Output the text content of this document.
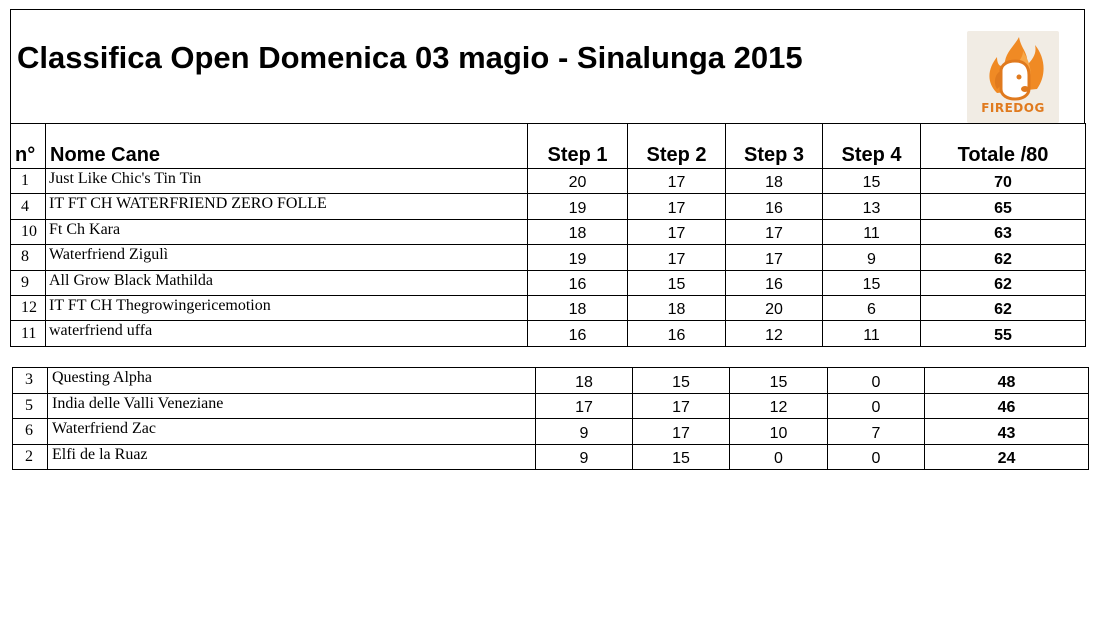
Classifica Open Domenica 03 magio - Sinalunga 2015
FIREDOG
n°	Nome Cane	Step 1	Step 2	Step 3	Step 4	Totale /80
1	Just Like Chic's Tin Tin	20	17	18	15	70
4	IT FT CH WATERFRIEND ZERO FOLLE	19	17	16	13	65
10	Ft Ch Kara	18	17	17	11	63
8	Waterfriend Zigulì	19	17	17	9	62
9	All Grow Black Mathilda	16	15	16	15	62
12	IT FT CH Thegrowingericemotion	18	18	20	6	62
11	waterfriend uffa	16	16	12	11	55
3	Questing Alpha	18	15	15	0	48
5	India delle Valli Veneziane	17	17	12	0	46
6	Waterfriend Zac	9	17	10	7	43
2	Elfi de la Ruaz	9	15	0	0	24
